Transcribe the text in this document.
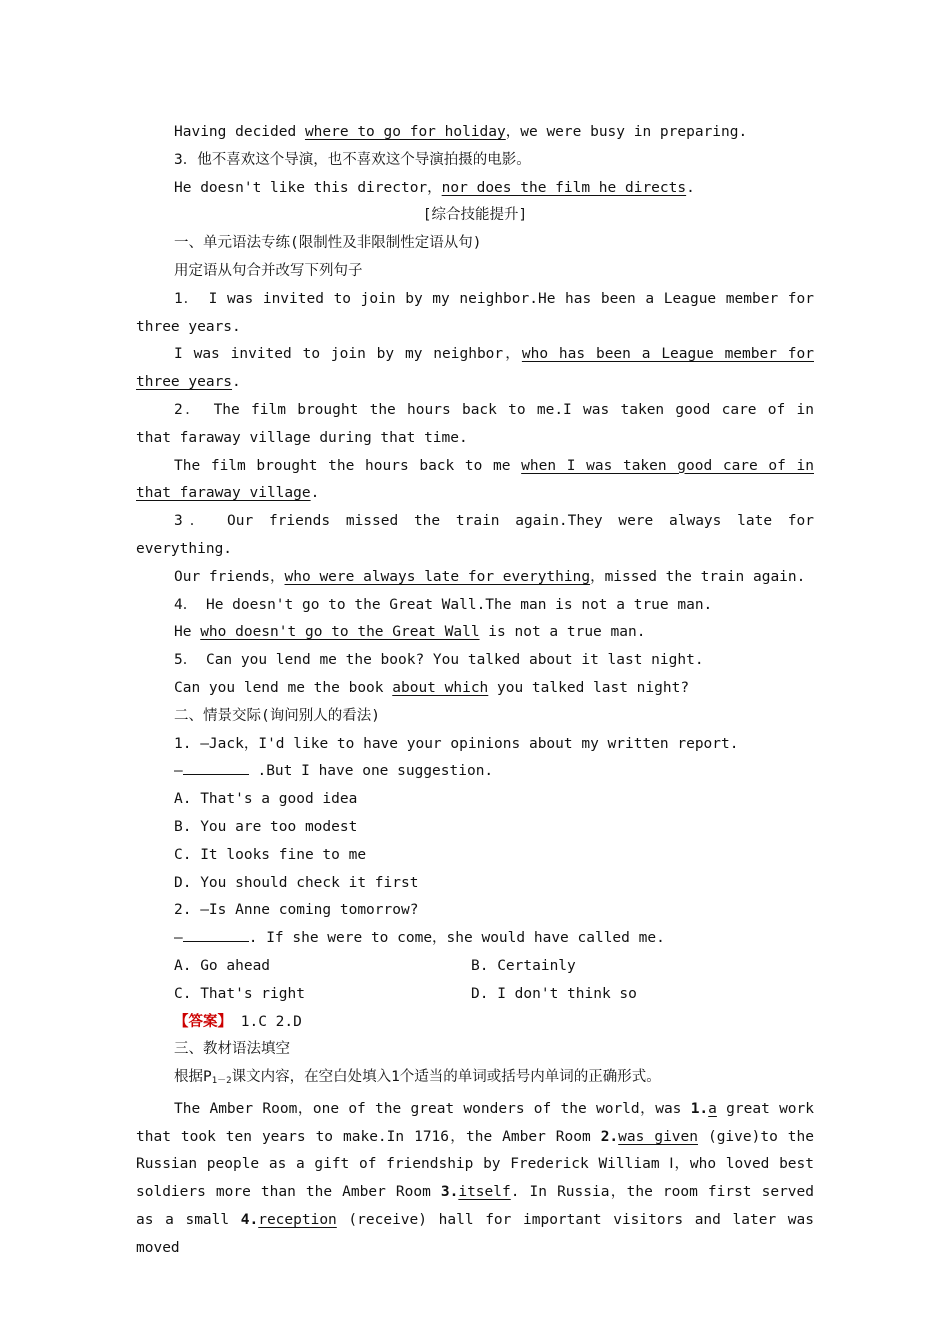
Having decided where to go for holiday，we were busy in preparing.

3．他不喜欢这个导演，也不喜欢这个导演拍摄的电影。

He doesn't like this director，nor does the film he directs.

[综合技能提升]

一、单元语法专练(限制性及非限制性定语从句)

用定语从句合并改写下列句子

1． I was invited to join by my neighbor.He has been a League member for three years.

I was invited to join by my neighbor，who has been a League member for three years.

2． The film brought the hours back to me.I was taken good care of in that faraway village during that time.

The film brought the hours back to me when I was taken good care of in that faraway village.

3． Our friends missed the train again.They were always late for everything.

Our friends，who were always late for everything，missed the train again.

4． He doesn't go to the Great Wall.The man is not a true man.

He who doesn't go to the Great Wall is not a true man.

5． Can you lend me the book? You talked about it last night.

Can you lend me the book about which you talked last night?

二、情景交际(询问别人的看法)

1. —Jack，I'd like to have your opinions about my written report.

—	.But I have one suggestion.

A. That's a good idea

B. You are too modest

C. It looks fine to me

D. You should check it first

2. —Is Anne coming tomorrow?

—	. If she were to come，she would have called me.

A. Go ahead	B. Certainly
C. That's right	D. I don't think so

【答案】 1.C 2.D

三、教材语法填空

根据$P_{1-2}$课文内容，在空白处填入1个适当的单词或括号内单词的正确形式。

The Amber Room，one of the great wonders of the world，was 1.a great work that took ten years to make.In 1716，the Amber Room 2.was given (give)to the Russian people as a gift of friendship by Frederick William Ⅰ，who loved best soldiers more than the Amber Room 3.itself. In Russia，the room first served as a small 4.reception (receive) hall for important visitors and later was moved
